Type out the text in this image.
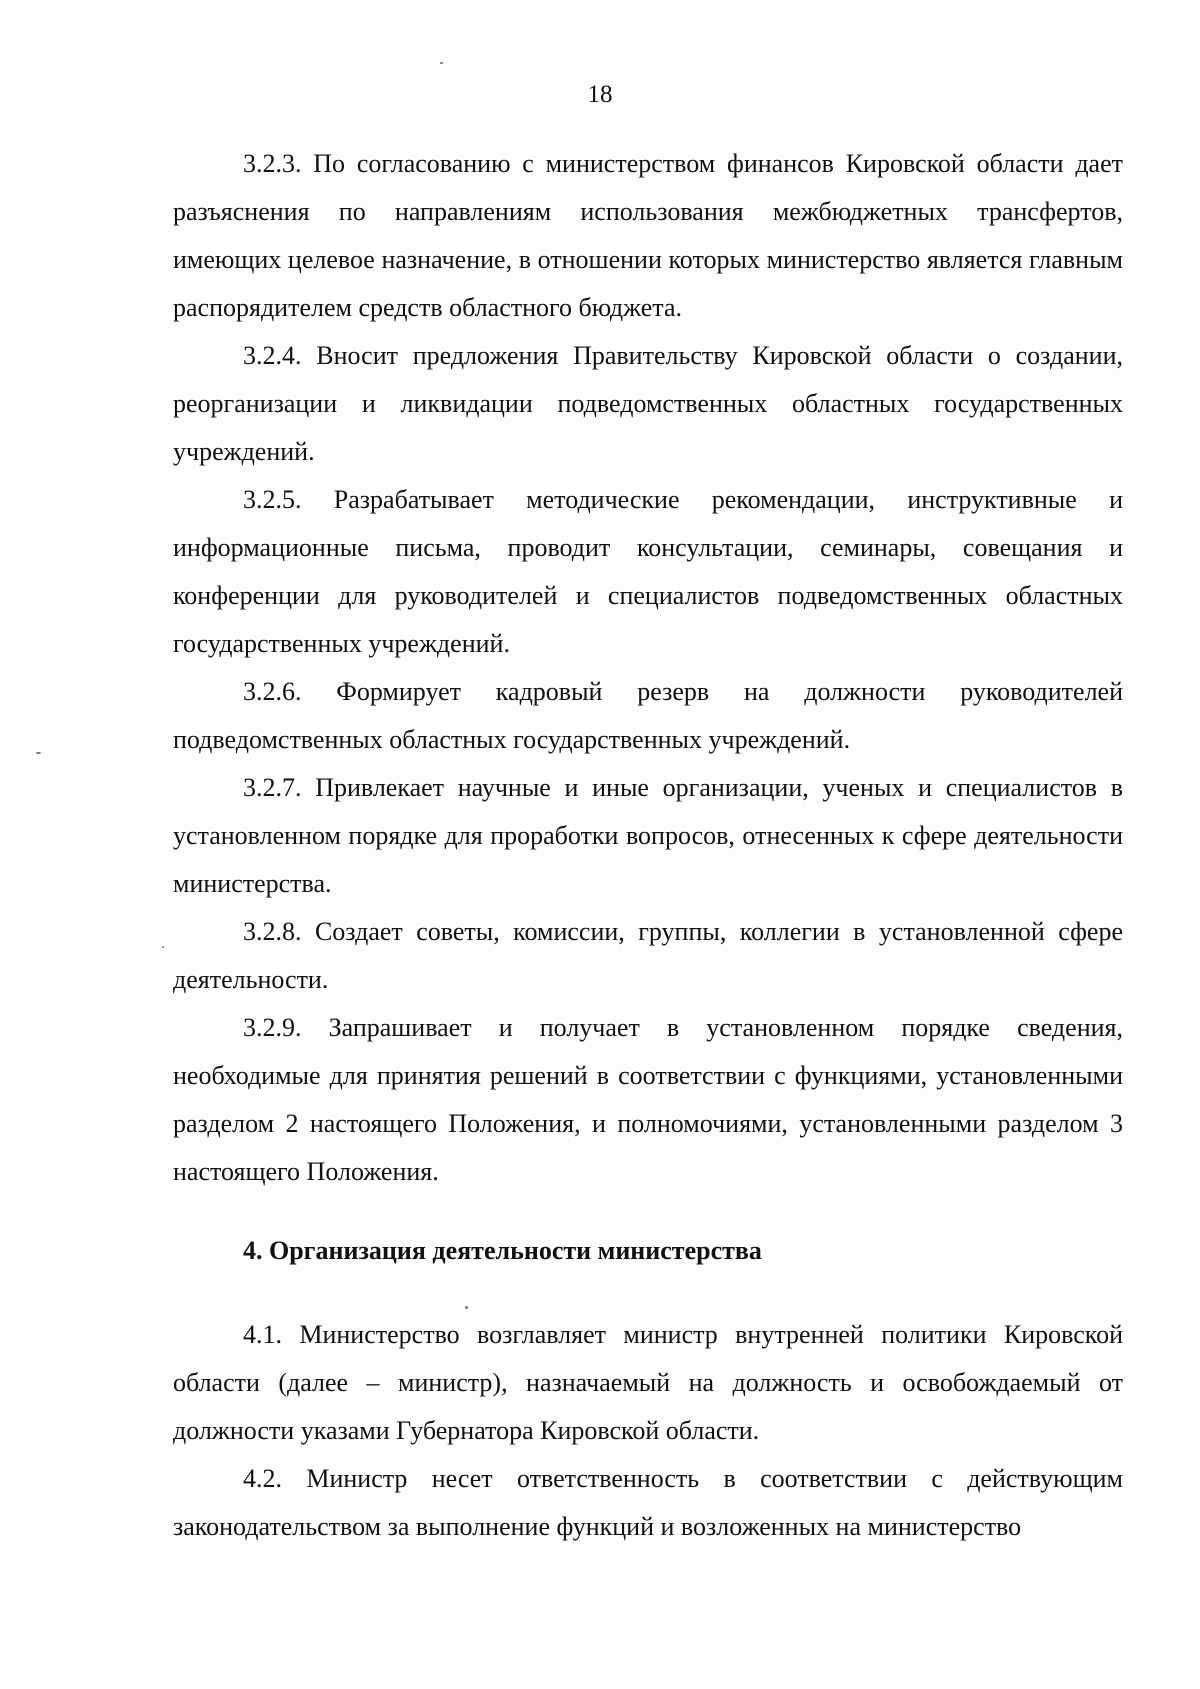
18

3.2.3. По согласованию с министерством финансов Кировской области дает разъяснения по направлениям использования межбюджетных трансфертов, имеющих целевое назначение, в отношении которых министерство является главным распорядителем средств областного бюджета.

3.2.4. Вносит предложения Правительству Кировской области о создании, реорганизации и ликвидации подведомственных областных государственных учреждений.

3.2.5. Разрабатывает методические рекомендации, инструктивные и информационные письма, проводит консультации, семинары, совещания и конференции для руководителей и специалистов подведомственных областных государственных учреждений.

3.2.6. Формирует кадровый резерв на должности руководителей подведомственных областных государственных учреждений.

3.2.7. Привлекает научные и иные организации, ученых и специалистов в установленном порядке для проработки вопросов, отнесенных к сфере деятельности министерства.

3.2.8. Создает советы, комиссии, группы, коллегии в установленной сфере деятельности.

3.2.9. Запрашивает и получает в установленном порядке сведения, необходимые для принятия решений в соответствии с функциями, установленными разделом 2 настоящего Положения, и полномочиями, установленными разделом 3 настоящего Положения.

4. Организация деятельности министерства

4.1. Министерство возглавляет министр внутренней политики Кировской области (далее – министр), назначаемый на должность и освобождаемый от должности указами Губернатора Кировской области.

4.2. Министр несет ответственность в соответствии с действующим законодательством за выполнение функций и возложенных на министерство
